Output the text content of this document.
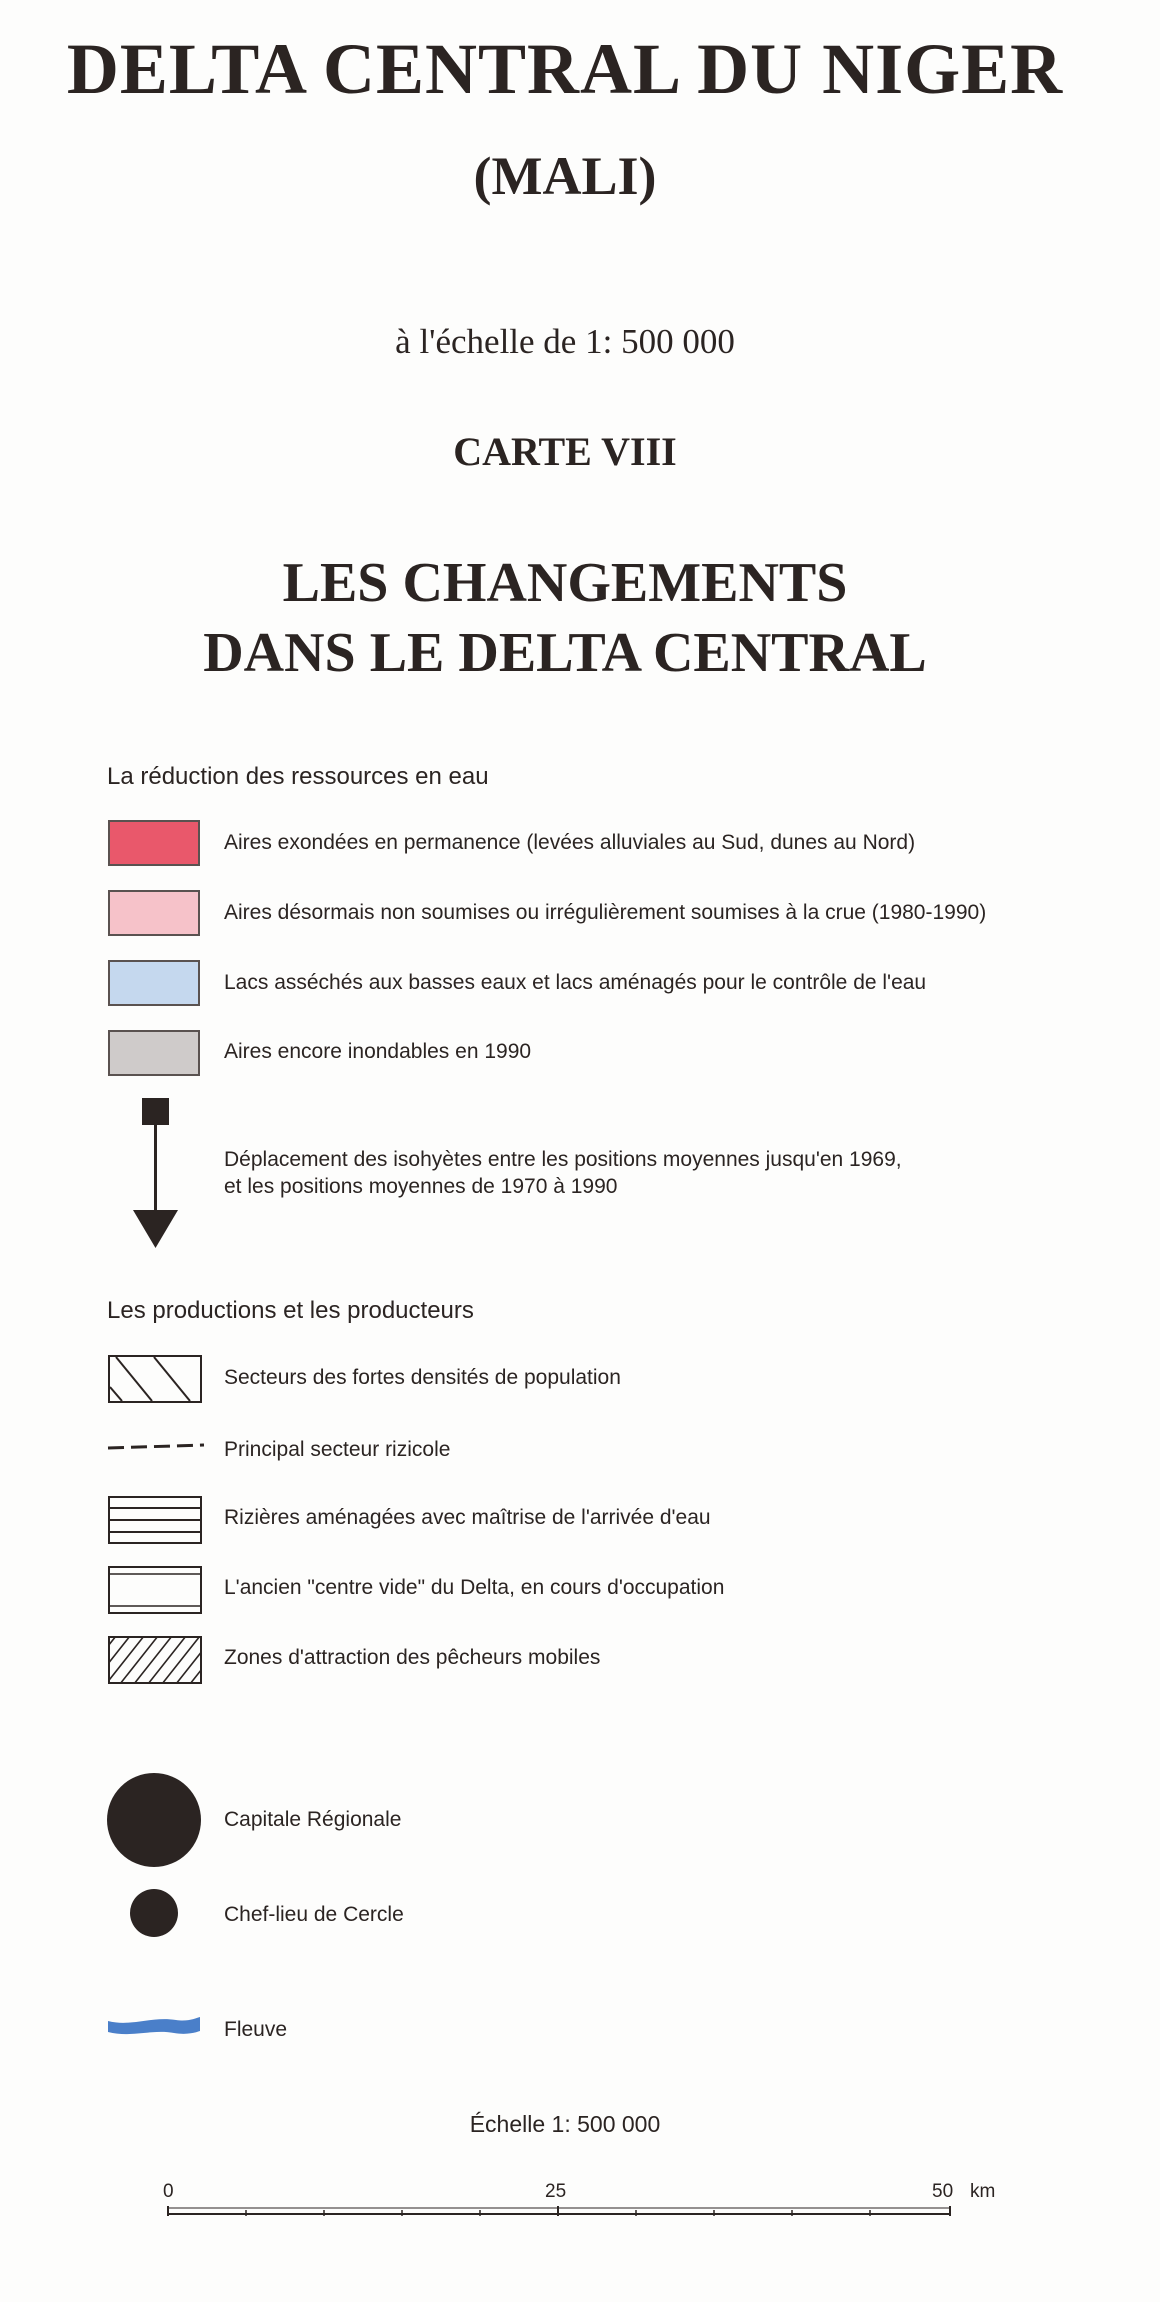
DELTA CENTRAL DU NIGER
(MALI)
à l'échelle de 1: 500 000
CARTE VIII
LES CHANGEMENTS
DANS LE DELTA CENTRAL
La réduction des ressources en eau
Aires exondées en permanence (levées alluviales au Sud, dunes au Nord)
Aires désormais non soumises ou irrégulièrement soumises à la crue (1980-1990)
Lacs asséchés aux basses eaux et lacs aménagés pour le contrôle de l'eau
Aires encore inondables en 1990
Déplacement des isohyètes entre les positions moyennes jusqu'en 1969,
et les positions moyennes de 1970 à 1990
Les productions et les producteurs
Secteurs des fortes densités de population
Principal secteur rizicole
Rizières aménagées avec maîtrise de l'arrivée d'eau
L'ancien "centre vide" du Delta, en cours d'occupation
Zones d'attraction des pêcheurs mobiles
Capitale Régionale
Chef-lieu de Cercle
Fleuve
Échelle 1: 500 000
0	25	50 km
